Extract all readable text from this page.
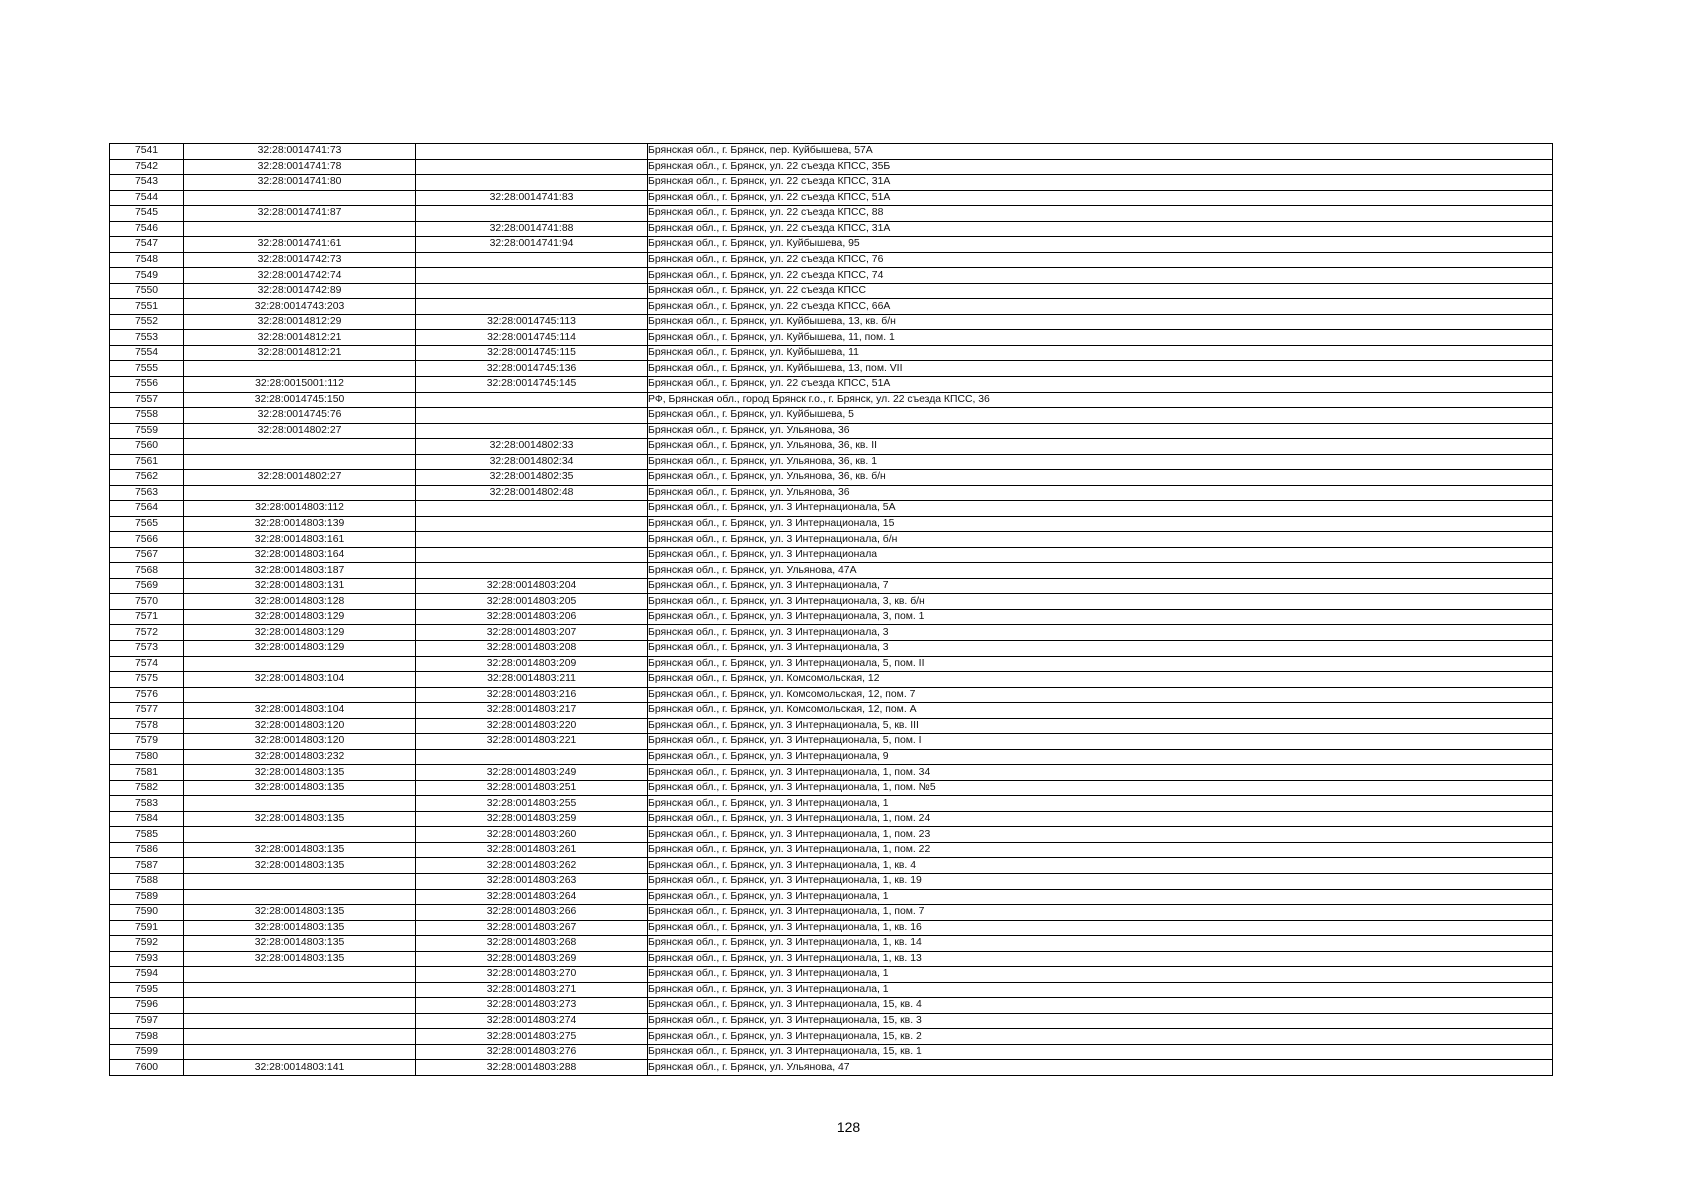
7541	32:28:0014741:73		Брянская обл., г. Брянск, пер. Куйбышева, 57А
7542	32:28:0014741:78		Брянская обл., г. Брянск, ул. 22 съезда КПСС, 35Б
7543	32:28:0014741:80		Брянская обл., г. Брянск, ул. 22 съезда КПСС, 31А
7544		32:28:0014741:83	Брянская обл., г. Брянск, ул. 22 съезда КПСС, 51А
7545	32:28:0014741:87		Брянская обл., г. Брянск, ул. 22 съезда КПСС, 88
7546		32:28:0014741:88	Брянская обл., г. Брянск, ул. 22 съезда КПСС, 31А
7547	32:28:0014741:61	32:28:0014741:94	Брянская обл., г. Брянск, ул. Куйбышева, 95
7548	32:28:0014742:73		Брянская обл., г. Брянск, ул. 22 съезда КПСС, 76
7549	32:28:0014742:74		Брянская обл., г. Брянск, ул. 22 съезда КПСС, 74
7550	32:28:0014742:89		Брянская обл., г. Брянск, ул. 22 съезда КПСС
7551	32:28:0014743:203		Брянская обл., г. Брянск, ул. 22 съезда КПСС, 66А
7552	32:28:0014812:29	32:28:0014745:113	Брянская обл., г. Брянск, ул. Куйбышева, 13, кв. б/н
7553	32:28:0014812:21	32:28:0014745:114	Брянская обл., г. Брянск, ул. Куйбышева, 11, пом. 1
7554	32:28:0014812:21	32:28:0014745:115	Брянская обл., г. Брянск, ул. Куйбышева, 11
7555		32:28:0014745:136	Брянская обл., г. Брянск, ул. Куйбышева, 13, пом. VII
7556	32:28:0015001:112	32:28:0014745:145	Брянская обл., г. Брянск, ул. 22 съезда КПСС, 51А
7557	32:28:0014745:150		РФ, Брянская обл., город Брянск г.о., г. Брянск, ул. 22 съезда КПСС, 36
7558	32:28:0014745:76		Брянская обл., г. Брянск, ул. Куйбышева, 5
7559	32:28:0014802:27		Брянская обл., г. Брянск, ул. Ульянова, 36
7560		32:28:0014802:33	Брянская обл., г. Брянск, ул. Ульянова, 36, кв. II
7561		32:28:0014802:34	Брянская обл., г. Брянск, ул. Ульянова, 36, кв. 1
7562	32:28:0014802:27	32:28:0014802:35	Брянская обл., г. Брянск, ул. Ульянова, 36, кв. б/н
7563		32:28:0014802:48	Брянская обл., г. Брянск, ул. Ульянова, 36
7564	32:28:0014803:112		Брянская обл., г. Брянск, ул. 3 Интернационала, 5А
7565	32:28:0014803:139		Брянская обл., г. Брянск, ул. 3 Интернационала, 15
7566	32:28:0014803:161		Брянская обл., г. Брянск, ул. 3 Интернационала, б/н
7567	32:28:0014803:164		Брянская обл., г. Брянск, ул. 3 Интернационала
7568	32:28:0014803:187		Брянская обл., г. Брянск, ул. Ульянова, 47А
7569	32:28:0014803:131	32:28:0014803:204	Брянская обл., г. Брянск, ул. 3 Интернационала, 7
7570	32:28:0014803:128	32:28:0014803:205	Брянская обл., г. Брянск, ул. 3 Интернационала, 3, кв. б/н
7571	32:28:0014803:129	32:28:0014803:206	Брянская обл., г. Брянск, ул. 3 Интернационала, 3, пом. 1
7572	32:28:0014803:129	32:28:0014803:207	Брянская обл., г. Брянск, ул. 3 Интернационала, 3
7573	32:28:0014803:129	32:28:0014803:208	Брянская обл., г. Брянск, ул. 3 Интернационала, 3
7574		32:28:0014803:209	Брянская обл., г. Брянск, ул. 3 Интернационала, 5, пом. II
7575	32:28:0014803:104	32:28:0014803:211	Брянская обл., г. Брянск, ул. Комсомольская, 12
7576		32:28:0014803:216	Брянская обл., г. Брянск, ул. Комсомольская, 12, пом. 7
7577	32:28:0014803:104	32:28:0014803:217	Брянская обл., г. Брянск, ул. Комсомольская, 12, пом. А
7578	32:28:0014803:120	32:28:0014803:220	Брянская обл., г. Брянск, ул. 3 Интернационала, 5, кв. III
7579	32:28:0014803:120	32:28:0014803:221	Брянская обл., г. Брянск, ул. 3 Интернационала, 5, пом. I
7580	32:28:0014803:232		Брянская обл., г. Брянск, ул. 3 Интернационала, 9
7581	32:28:0014803:135	32:28:0014803:249	Брянская обл., г. Брянск, ул. 3 Интернационала, 1, пом. 34
7582	32:28:0014803:135	32:28:0014803:251	Брянская обл., г. Брянск, ул. 3 Интернационала, 1, пом. №5
7583		32:28:0014803:255	Брянская обл., г. Брянск, ул. 3 Интернационала, 1
7584	32:28:0014803:135	32:28:0014803:259	Брянская обл., г. Брянск, ул. 3 Интернационала, 1, пом. 24
7585		32:28:0014803:260	Брянская обл., г. Брянск, ул. 3 Интернационала, 1, пом. 23
7586	32:28:0014803:135	32:28:0014803:261	Брянская обл., г. Брянск, ул. 3 Интернационала, 1, пом. 22
7587	32:28:0014803:135	32:28:0014803:262	Брянская обл., г. Брянск, ул. 3 Интернационала, 1, кв. 4
7588		32:28:0014803:263	Брянская обл., г. Брянск, ул. 3 Интернационала, 1, кв. 19
7589		32:28:0014803:264	Брянская обл., г. Брянск, ул. 3 Интернационала, 1
7590	32:28:0014803:135	32:28:0014803:266	Брянская обл., г. Брянск, ул. 3 Интернационала, 1, пом. 7
7591	32:28:0014803:135	32:28:0014803:267	Брянская обл., г. Брянск, ул. 3 Интернационала, 1, кв. 16
7592	32:28:0014803:135	32:28:0014803:268	Брянская обл., г. Брянск, ул. 3 Интернационала, 1, кв. 14
7593	32:28:0014803:135	32:28:0014803:269	Брянская обл., г. Брянск, ул. 3 Интернационала, 1, кв. 13
7594		32:28:0014803:270	Брянская обл., г. Брянск, ул. 3 Интернационала, 1
7595		32:28:0014803:271	Брянская обл., г. Брянск, ул. 3 Интернационала, 1
7596		32:28:0014803:273	Брянская обл., г. Брянск, ул. 3 Интернационала, 15, кв. 4
7597		32:28:0014803:274	Брянская обл., г. Брянск, ул. 3 Интернационала, 15, кв. 3
7598		32:28:0014803:275	Брянская обл., г. Брянск, ул. 3 Интернационала, 15, кв. 2
7599		32:28:0014803:276	Брянская обл., г. Брянск, ул. 3 Интернационала, 15, кв. 1
7600	32:28:0014803:141	32:28:0014803:288	Брянская обл., г. Брянск, ул. Ульянова, 47
128
